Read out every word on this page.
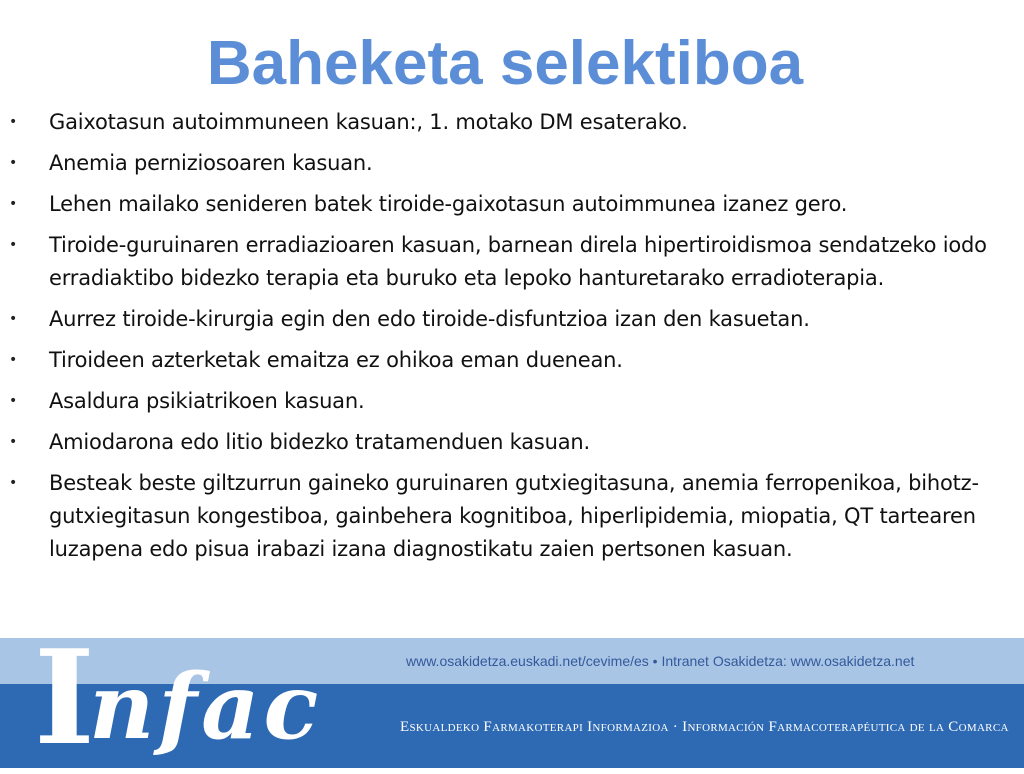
Baheketa selektiboa
• Gaixotasun autoimmuneen kasuan:, 1. motako DM esaterako.
• Anemia perniziosoaren kasuan.
• Lehen mailako senideren batek tiroide-gaixotasun autoimmunea izanez gero.
• Tiroide-guruinaren erradiazioaren kasuan, barnean direla hipertiroidismoa sendatzeko iodo erradiaktibo bidezko terapia eta buruko eta lepoko hanturetarako erradioterapia.
• Aurrez tiroide-kirurgia egin den edo tiroide-disfuntzioa izan den kasuetan.
• Tiroideen azterketak emaitza ez ohikoa eman duenean.
• Asaldura psikiatrikoen kasuan.
• Amiodarona edo litio bidezko tratamenduen kasuan.
• Besteak beste giltzurrun gaineko guruinaren gutxiegitasuna, anemia ferropenikoa, bihotz-gutxiegitasun kongestiboa, gainbehera kognitiboa, hiperlipidemia, miopatia, QT tartearen luzapena edo pisua irabazi izana diagnostikatu zaien pertsonen kasuan.
I
nfac	www.osakidetza.euskadi.net/cevime/es • Intranet Osakidetza: www.osakidetza.net
Eskualdeko Farmakoterapi Informazioa · Información Farmacoterapéutica de la Comarca
